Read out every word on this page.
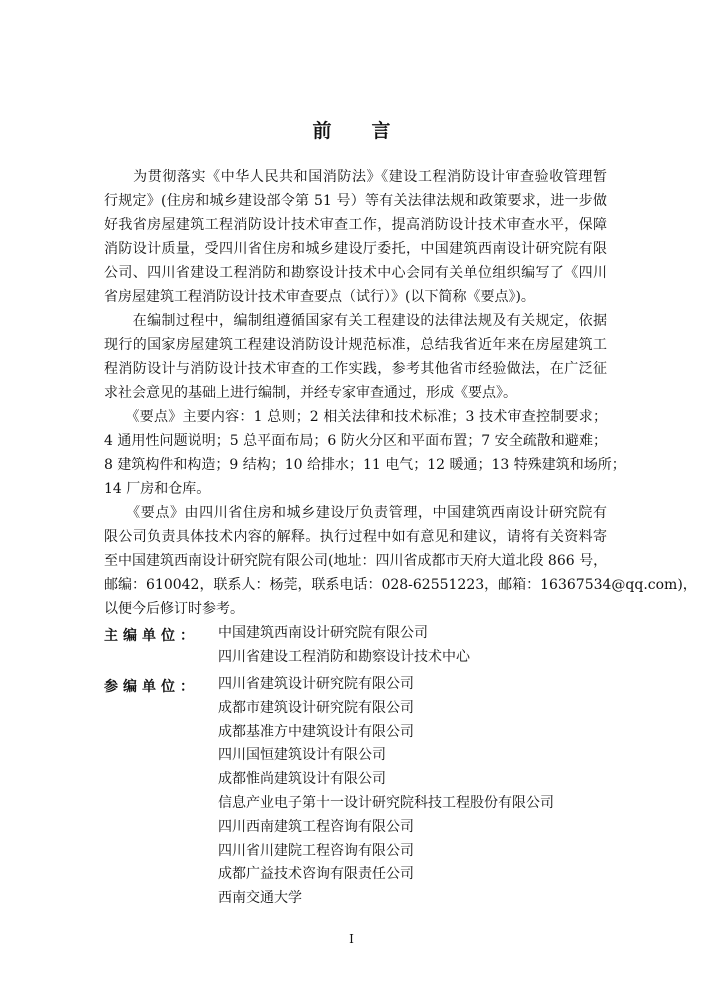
前 言
　　为贯彻落实《中华人民共和国消防法》《建设工程消防设计审查验收管理暂
行规定》(住房和城乡建设部令第 51 号）等有关法律法规和政策要求，进一步做
好我省房屋建筑工程消防设计技术审查工作，提高消防设计技术审查水平，保障
消防设计质量，受四川省住房和城乡建设厅委托，中国建筑西南设计研究院有限
公司、四川省建设工程消防和勘察设计技术中心会同有关单位组织编写了《四川
省房屋建筑工程消防设计技术审查要点（试行）》(以下简称《要点》)。
　　在编制过程中，编制组遵循国家有关工程建设的法律法规及有关规定，依据
现行的国家房屋建筑工程建设消防设计规范标准，总结我省近年来在房屋建筑工
程消防设计与消防设计技术审查的工作实践，参考其他省市经验做法，在广泛征
求社会意见的基础上进行编制，并经专家审查通过，形成《要点》。
　　《要点》主要内容：1 总则；2 相关法律和技术标准；3 技术审查控制要求；
4 通用性问题说明；5 总平面布局；6 防火分区和平面布置；7 安全疏散和避难；
8 建筑构件和构造；9 结构；10 给排水；11 电气；12 暖通；13 特殊建筑和场所；
14 厂房和仓库。
　　《要点》由四川省住房和城乡建设厅负责管理，中国建筑西南设计研究院有
限公司负责具体技术内容的解释。执行过程中如有意见和建议，请将有关资料寄
至中国建筑西南设计研究院有限公司(地址：四川省成都市天府大道北段 866 号，
邮编：610042，联系人：杨莞，联系电话：028-62551223，邮箱：16367534@qq.com)，
以便今后修订时参考。
主编单位： 中国建筑西南设计研究院有限公司
四川省建设工程消防和勘察设计技术中心
参编单位： 四川省建筑设计研究院有限公司
成都市建筑设计研究院有限公司
成都基准方中建筑设计有限公司
四川国恒建筑设计有限公司
成都惟尚建筑设计有限公司
信息产业电子第十一设计研究院科技工程股份有限公司
四川西南建筑工程咨询有限公司
四川省川建院工程咨询有限公司
成都广益技术咨询有限责任公司
西南交通大学
I
